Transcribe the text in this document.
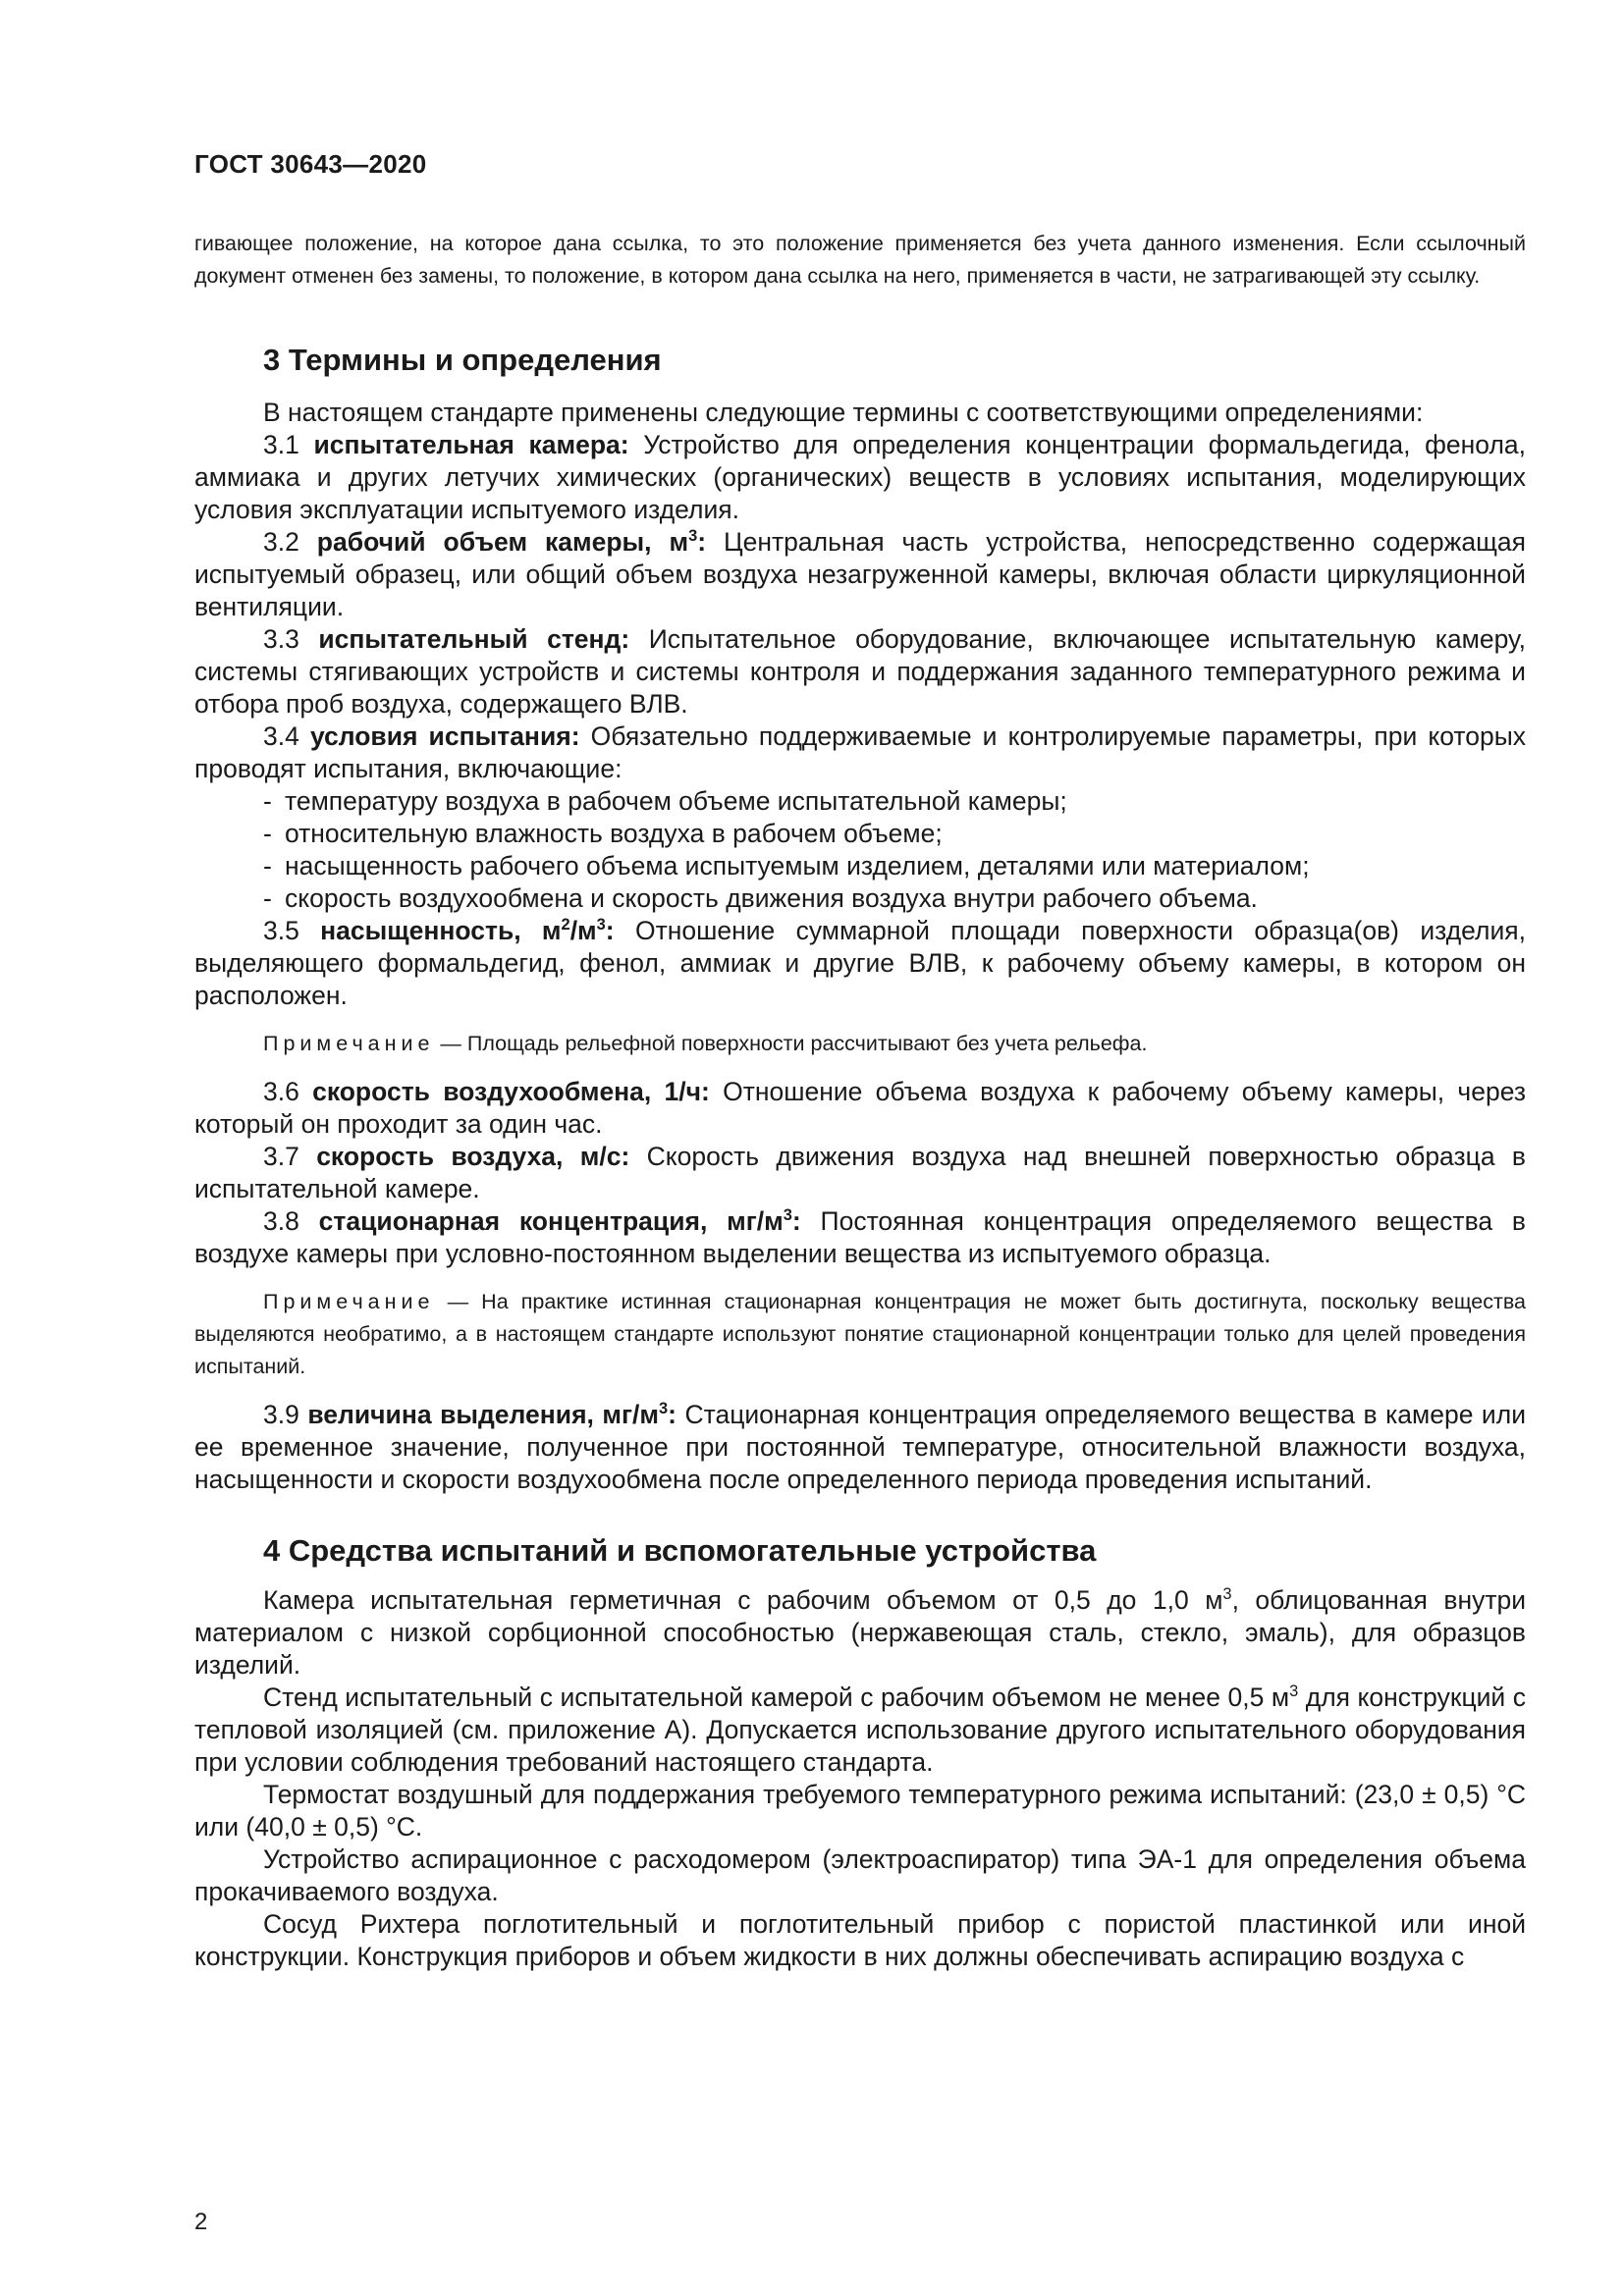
ГОСТ 30643—2020

гивающее положение, на которое дана ссылка, то это положение применяется без учета данного изменения. Если ссылочный документ отменен без замены, то положение, в котором дана ссылка на него, применяется в части, не затрагивающей эту ссылку.

3 Термины и определения

В настоящем стандарте применены следующие термины с соответствующими определениями:

3.1 испытательная камера: Устройство для определения концентрации формальдегида, фенола, аммиака и других летучих химических (органических) веществ в условиях испытания, моделирующих условия эксплуатации испытуемого изделия.

3.2 рабочий объем камеры, $м^3$: Центральная часть устройства, непосредственно содержащая испытуемый образец, или общий объем воздуха незагруженной камеры, включая области циркуляционной вентиляции.

3.3 испытательный стенд: Испытательное оборудование, включающее испытательную камеру, системы стягивающих устройств и системы контроля и поддержания заданного температурного режима и отбора проб воздуха, содержащего ВЛВ.

3.4 условия испытания: Обязательно поддерживаемые и контролируемые параметры, при которых проводят испытания, включающие:

- температуру воздуха в рабочем объеме испытательной камеры;

- относительную влажность воздуха в рабочем объеме;

- насыщенность рабочего объема испытуемым изделием, деталями или материалом;

- скорость воздухообмена и скорость движения воздуха внутри рабочего объема.

3.5 насыщенность, $м^2/м^3$: Отношение суммарной площади поверхности образца(ов) изделия, выделяющего формальдегид, фенол, аммиак и другие ВЛВ, к рабочему объему камеры, в котором он расположен.

Примечание — Площадь рельефной поверхности рассчитывают без учета рельефа.

3.6 скорость воздухообмена, 1/ч: Отношение объема воздуха к рабочему объему камеры, через который он проходит за один час.

3.7 скорость воздуха, м/с: Скорость движения воздуха над внешней поверхностью образца в испытательной камере.

3.8 стационарная концентрация, $мг/м^3$: Постоянная концентрация определяемого вещества в воздухе камеры при условно-постоянном выделении вещества из испытуемого образца.

Примечание — На практике истинная стационарная концентрация не может быть достигнута, поскольку вещества выделяются необратимо, а в настоящем стандарте используют понятие стационарной концентрации только для целей проведения испытаний.

3.9 величина выделения, $мг/м^3$: Стационарная концентрация определяемого вещества в камере или ее временное значение, полученное при постоянной температуре, относительной влажности воздуха, насыщенности и скорости воздухообмена после определенного периода проведения испытаний.

4 Средства испытаний и вспомогательные устройства

Камера испытательная герметичная с рабочим объемом от 0,5 до 1,0 $м^3$, облицованная внутри материалом с низкой сорбционной способностью (нержавеющая сталь, стекло, эмаль), для образцов изделий.

Стенд испытательный с испытательной камерой с рабочим объемом не менее 0,5 $м^3$ для конструкций с тепловой изоляцией (см. приложение А). Допускается использование другого испытательного оборудования при условии соблюдения требований настоящего стандарта.

Термостат воздушный для поддержания требуемого температурного режима испытаний: (23,0 ± 0,5) °С или (40,0 ± 0,5) °С.

Устройство аспирационное с расходомером (электроаспиратор) типа ЭА-1 для определения объема прокачиваемого воздуха.

Сосуд Рихтера поглотительный и поглотительный прибор с пористой пластинкой или иной конструкции. Конструкция приборов и объем жидкости в них должны обеспечивать аспирацию воздуха с

2
